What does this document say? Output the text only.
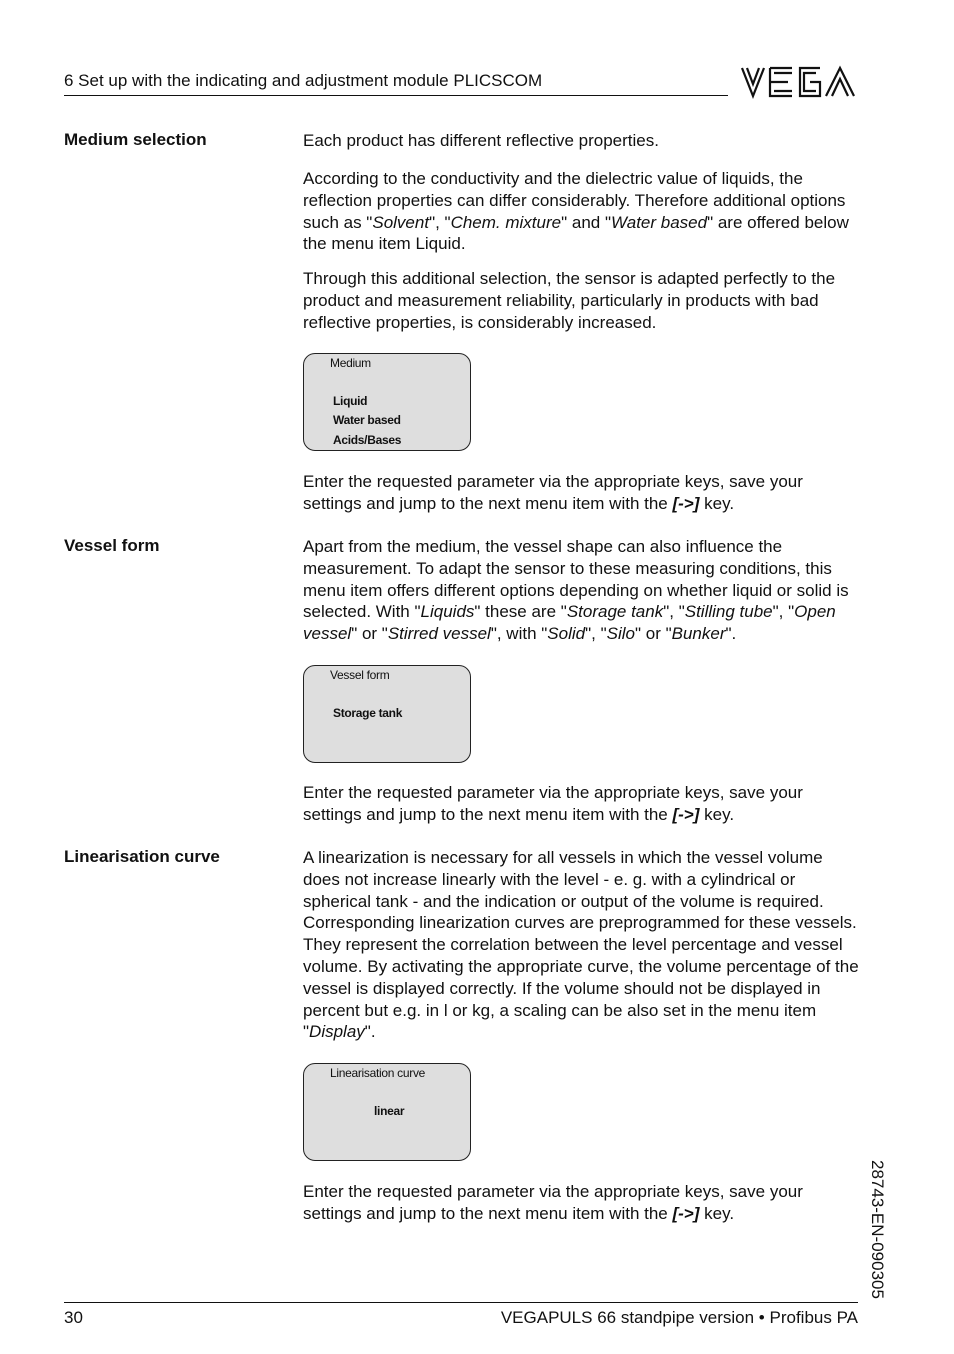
6 Set up with the indicating and adjustment module PLICSCOM
Medium selection	Each product has different reflective properties.

According to the conductivity and the dielectric value of liquids, the reflection properties can differ considerably. Therefore additional options such as "Solvent", "Chem. mixture" and "Water based" are offered below the menu item Liquid.

Through this additional selection, the sensor is adapted perfectly to the product and measurement reliability, particularly in products with bad reflective properties, is considerably increased.

Medium
Liquid
Water based
Acids/Bases

Enter the requested parameter via the appropriate keys, save your settings and jump to the next menu item with the [->] key.

Vessel form	Apart from the medium, the vessel shape can also influence the measurement. To adapt the sensor to these measuring conditions, this menu item offers different options depending on whether liquid or solid is selected. With "Liquids" these are "Storage tank", "Stilling tube", "Open vessel" or "Stirred vessel", with "Solid", "Silo" or "Bunker".

Vessel form
Storage tank

Enter the requested parameter via the appropriate keys, save your settings and jump to the next menu item with the [->] key.

Linearisation curve	A linearization is necessary for all vessels in which the vessel volume does not increase linearly with the level - e. g. with a cylindrical or spherical tank - and the indication or output of the volume is required. Corresponding linearization curves are preprogrammed for these vessels. They represent the correlation between the level percentage and vessel volume. By activating the appropriate curve, the volume percentage of the vessel is displayed correctly. If the volume should not be displayed in percent but e.g. in l or kg, a scaling can be also set in the menu item "Display".

Linearisation curve
linear

Enter the requested parameter via the appropriate keys, save your settings and jump to the next menu item with the [->] key.	28743-EN-090305
30	VEGAPULS 66 standpipe version • Profibus PA
